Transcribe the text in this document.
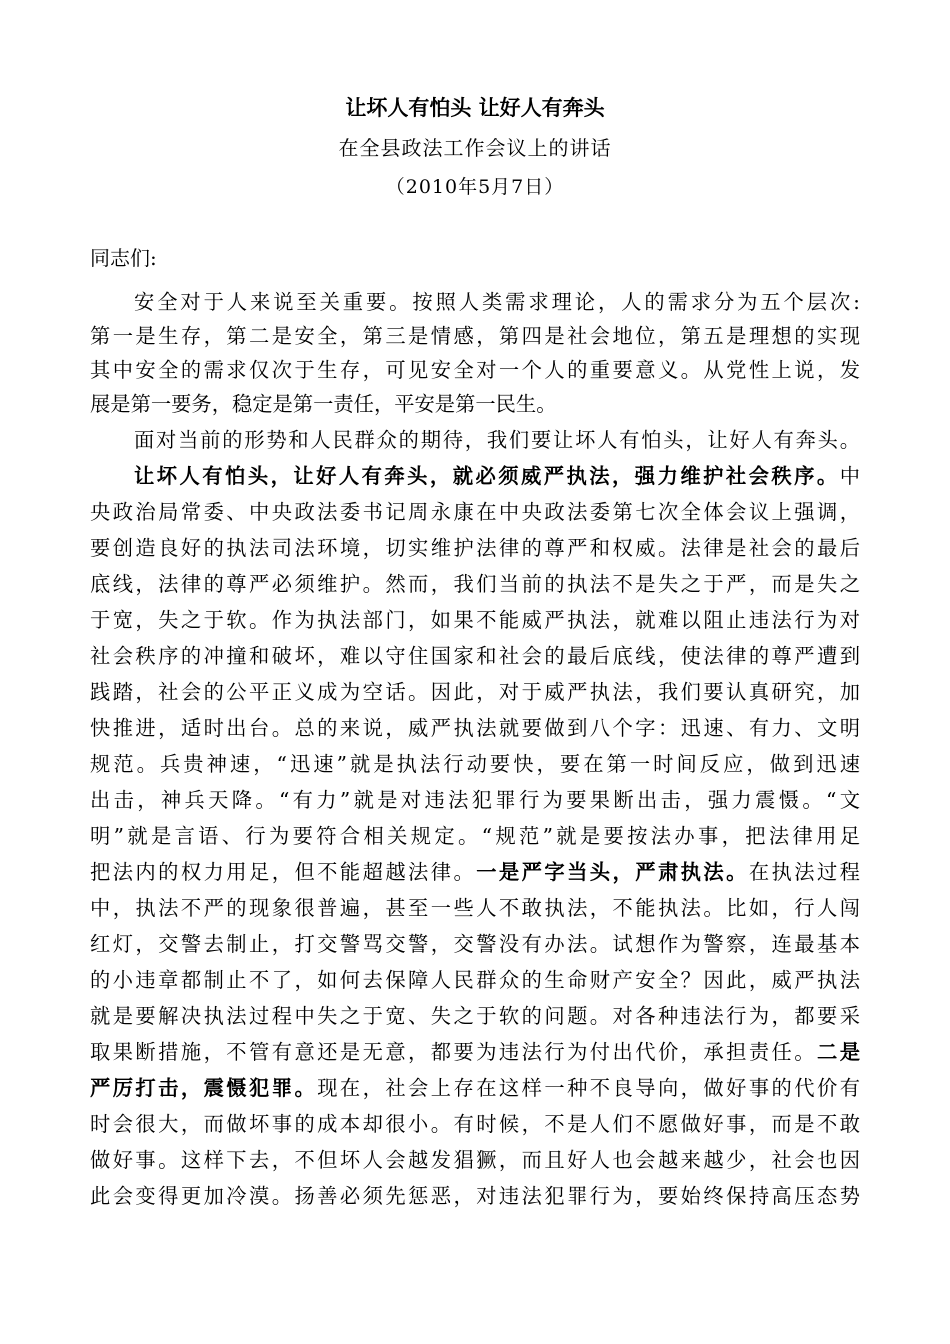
让坏人有怕头 让好人有奔头
在全县政法工作会议上的讲话
（2010年5月7日）
同志们:
安全对于人来说至关重要。按照人类需求理论，人的需求分为五个层次:
第一是生存，第二是安全，第三是情感，第四是社会地位，第五是理想的实现
其中安全的需求仅次于生存，可见安全对一个人的重要意义。从党性上说，发
展是第一要务，稳定是第一责任，平安是第一民生。
面对当前的形势和人民群众的期待，我们要让坏人有怕头，让好人有奔头。
让坏人有怕头，让好人有奔头，就必须威严执法，强力维护社会秩序。中
央政治局常委、中央政法委书记周永康在中央政法委第七次全体会议上强调，
要创造良好的执法司法环境，切实维护法律的尊严和权威。法律是社会的最后
底线，法律的尊严必须维护。然而，我们当前的执法不是失之于严，而是失之
于宽，失之于软。作为执法部门，如果不能威严执法，就难以阻止违法行为对
社会秩序的冲撞和破坏，难以守住国家和社会的最后底线，使法律的尊严遭到
践踏，社会的公平正义成为空话。因此，对于威严执法，我们要认真研究，加
快推进，适时出台。总的来说，威严执法就要做到八个字：迅速、有力、文明
规范。兵贵神速，“迅速”就是执法行动要快，要在第一时间反应，做到迅速
出击，神兵天降。“有力”就是对违法犯罪行为要果断出击，强力震慑。“文
明”就是言语、行为要符合相关规定。“规范”就是要按法办事，把法律用足
把法内的权力用足，但不能超越法律。一是严字当头，严肃执法。在执法过程
中，执法不严的现象很普遍，甚至一些人不敢执法，不能执法。比如，行人闯
红灯，交警去制止，打交警骂交警，交警没有办法。试想作为警察，连最基本
的小违章都制止不了，如何去保障人民群众的生命财产安全？因此，威严执法
就是要解决执法过程中失之于宽、失之于软的问题。对各种违法行为，都要采
取果断措施，不管有意还是无意，都要为违法行为付出代价，承担责任。二是
严厉打击，震慑犯罪。现在，社会上存在这样一种不良导向，做好事的代价有
时会很大，而做坏事的成本却很小。有时候，不是人们不愿做好事，而是不敢
做好事。这样下去，不但坏人会越发猖獗，而且好人也会越来越少，社会也因
此会变得更加冷漠。扬善必须先惩恶，对违法犯罪行为，要始终保持高压态势
